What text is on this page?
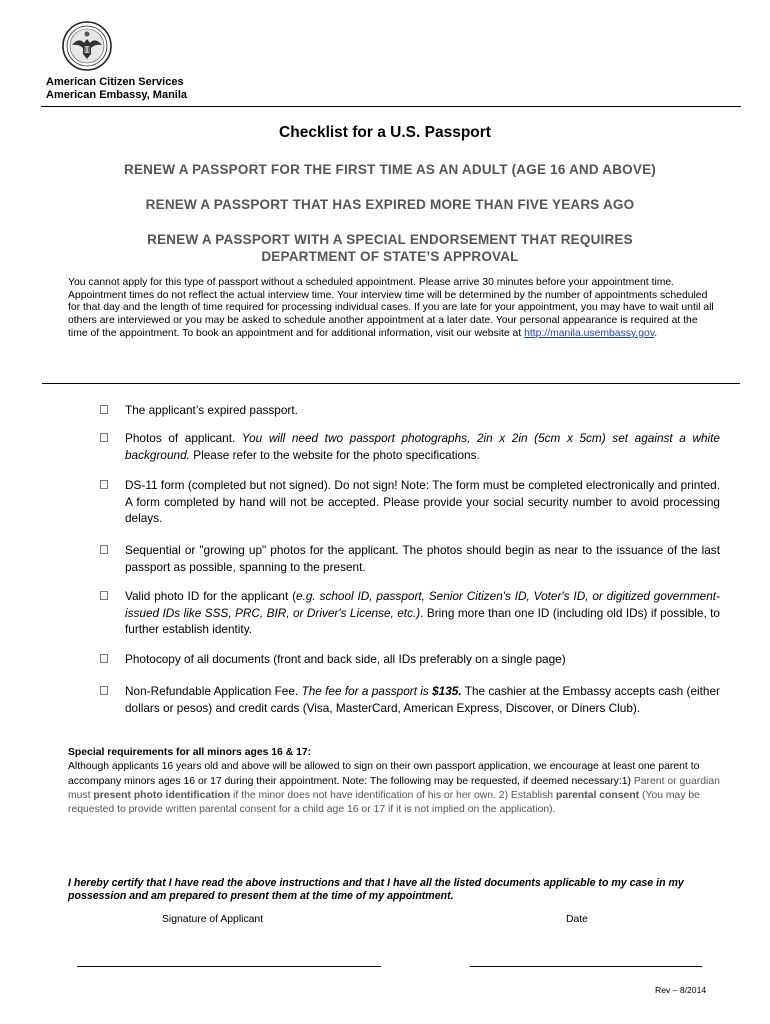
American Citizen Services
American Embassy, Manila
Checklist for a U.S. Passport
RENEW A PASSPORT FOR THE FIRST TIME AS AN ADULT (AGE 16 AND ABOVE)
RENEW A PASSPORT THAT HAS EXPIRED MORE THAN FIVE YEARS AGO
RENEW A PASSPORT WITH A SPECIAL ENDORSEMENT THAT REQUIRES DEPARTMENT OF STATE’S APPROVAL
You cannot apply for this type of passport without a scheduled appointment. Please arrive 30 minutes before your appointment time. Appointment times do not reflect the actual interview time. Your interview time will be determined by the number of appointments scheduled for that day and the length of time required for processing individual cases. If you are late for your appointment, you may have to wait until all others are interviewed or you may be asked to schedule another appointment at a later date. Your personal appearance is required at the time of the appointment. To book an appointment and for additional information, visit our website at http://manila.usembassy.gov.
The applicant’s expired passport.
Photos of applicant. You will need two passport photographs, 2in x 2in (5cm x 5cm) set against a white background. Please refer to the website for the photo specifications.
DS-11 form (completed but not signed). Do not sign! Note: The form must be completed electronically and printed. A form completed by hand will not be accepted. Please provide your social security number to avoid processing delays.
Sequential or "growing up" photos for the applicant. The photos should begin as near to the issuance of the last passport as possible, spanning to the present.
Valid photo ID for the applicant (e.g. school ID, passport, Senior Citizen's ID, Voter's ID, or digitized government-issued IDs like SSS, PRC, BIR, or Driver's License, etc.). Bring more than one ID (including old IDs) if possible, to further establish identity.
Photocopy of all documents (front and back side, all IDs preferably on a single page)
Non-Refundable Application Fee. The fee for a passport is $135. The cashier at the Embassy accepts cash (either dollars or pesos) and credit cards (Visa, MasterCard, American Express, Discover, or Diners Club).
Special requirements for all minors ages 16 & 17:
Although applicants 16 years old and above will be allowed to sign on their own passport application, we encourage at least one parent to accompany minors ages 16 or 17 during their appointment. Note: The following may be requested, if deemed necessary:1) Parent or guardian must present photo identification if the minor does not have identification of his or her own. 2) Establish parental consent (You may be requested to provide written parental consent for a child age 16 or 17 if it is not implied on the application).
I hereby certify that I have read the above instructions and that I have all the listed documents applicable to my case in my possession and am prepared to present them at the time of my appointment.
Signature of Applicant	Date
Rev – 8/2014
